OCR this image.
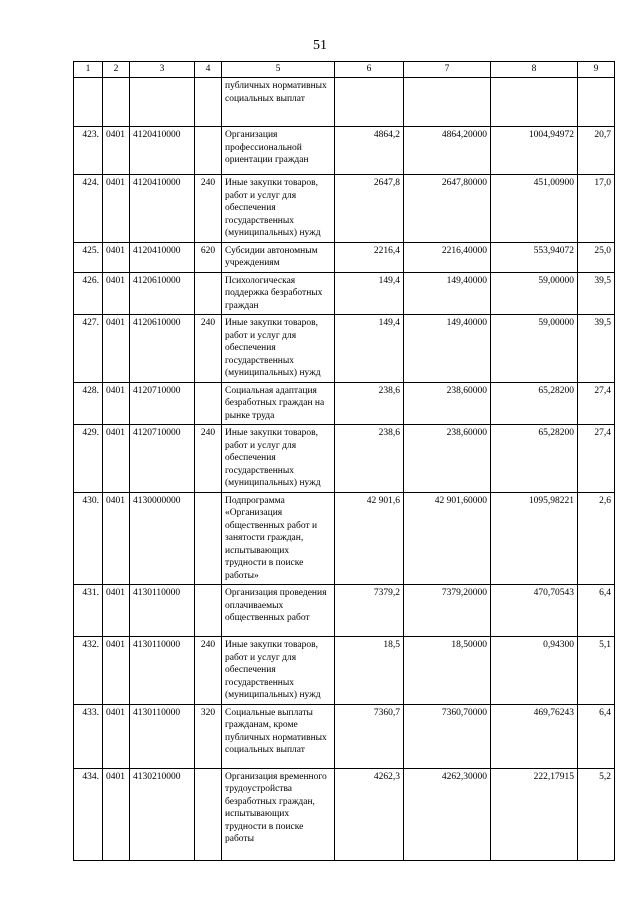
51
1	2	3	4	5	6	7	8	9
				публичных нормативных социальных выплат				
423.	0401	4120410000		Организация профессиональной ориентации граждан	4864,2	4864,20000	1004,94972	20,7
424.	0401	4120410000	240	Иные закупки товаров, работ и услуг для обеспечения государственных (муниципальных) нужд	2647,8	2647,80000	451,00900	17,0
425.	0401	4120410000	620	Субсидии автономным учреждениям	2216,4	2216,40000	553,94072	25,0
426.	0401	4120610000		Психологическая поддержка безработных граждан	149,4	149,40000	59,00000	39,5
427.	0401	4120610000	240	Иные закупки товаров, работ и услуг для обеспечения государственных (муниципальных) нужд	149,4	149,40000	59,00000	39,5
428.	0401	4120710000		Социальная адаптация безработных граждан на рынке труда	238,6	238,60000	65,28200	27,4
429.	0401	4120710000	240	Иные закупки товаров, работ и услуг для обеспечения государственных (муниципальных) нужд	238,6	238,60000	65,28200	27,4
430.	0401	4130000000		Подпрограмма «Организация общественных работ и занятости граждан, испытывающих трудности в поиске работы»	42 901,6	42 901,60000	1095,98221	2,6
431.	0401	4130110000		Организация проведения оплачиваемых общественных работ	7379,2	7379,20000	470,70543	6,4
432.	0401	4130110000	240	Иные закупки товаров, работ и услуг для обеспечения государственных (муниципальных) нужд	18,5	18,50000	0,94300	5,1
433.	0401	4130110000	320	Социальные выплаты гражданам, кроме публичных нормативных социальных выплат	7360,7	7360,70000	469,76243	6,4
434.	0401	4130210000		Организация временного трудоустройства безработных граждан, испытывающих трудности в поиске работы	4262,3	4262,30000	222,17915	5,2
